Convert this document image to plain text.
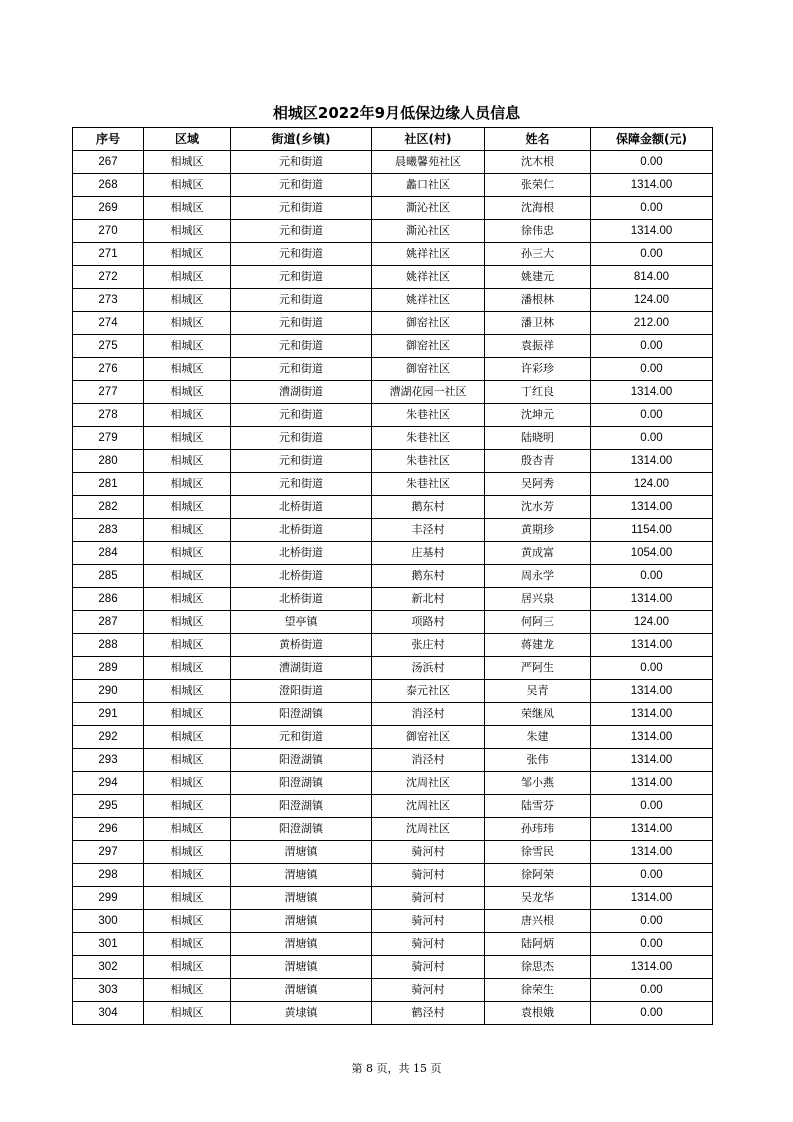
相城区2022年9月低保边缘人员信息
序号	区域	街道(乡镇)	社区(村)	姓名	保障金额(元)
267	相城区	元和街道	晨曦馨苑社区	沈木根	0.00
268	相城区	元和街道	蠡口社区	张荣仁	1314.00
269	相城区	元和街道	澌沁社区	沈海根	0.00
270	相城区	元和街道	澌沁社区	徐伟忠	1314.00
271	相城区	元和街道	姚祥社区	孙三大	0.00
272	相城区	元和街道	姚祥社区	姚建元	814.00
273	相城区	元和街道	姚祥社区	潘根林	124.00
274	相城区	元和街道	御窑社区	潘卫林	212.00
275	相城区	元和街道	御窑社区	袁振祥	0.00
276	相城区	元和街道	御窑社区	许彩珍	0.00
277	相城区	漕湖街道	漕湖花园一社区	丁红良	1314.00
278	相城区	元和街道	朱巷社区	沈坤元	0.00
279	相城区	元和街道	朱巷社区	陆晓明	0.00
280	相城区	元和街道	朱巷社区	殷杏青	1314.00
281	相城区	元和街道	朱巷社区	吴阿秀	124.00
282	相城区	北桥街道	鹅东村	沈水芳	1314.00
283	相城区	北桥街道	丰泾村	黄期珍	1154.00
284	相城区	北桥街道	庄基村	黄成富	1054.00
285	相城区	北桥街道	鹅东村	周永学	0.00
286	相城区	北桥街道	新北村	居兴泉	1314.00
287	相城区	望亭镇	项路村	何阿三	124.00
288	相城区	黄桥街道	张庄村	蒋建龙	1314.00
289	相城区	漕湖街道	汤浜村	严阿生	0.00
290	相城区	澄阳街道	泰元社区	吴青	1314.00
291	相城区	阳澄湖镇	消泾村	荣继凤	1314.00
292	相城区	元和街道	御窑社区	朱建	1314.00
293	相城区	阳澄湖镇	消泾村	张伟	1314.00
294	相城区	阳澄湖镇	沈周社区	邹小燕	1314.00
295	相城区	阳澄湖镇	沈周社区	陆雪芬	0.00
296	相城区	阳澄湖镇	沈周社区	孙玮玮	1314.00
297	相城区	渭塘镇	骑河村	徐雪民	1314.00
298	相城区	渭塘镇	骑河村	徐阿荣	0.00
299	相城区	渭塘镇	骑河村	吴龙华	1314.00
300	相城区	渭塘镇	骑河村	唐兴根	0.00
301	相城区	渭塘镇	骑河村	陆阿炳	0.00
302	相城区	渭塘镇	骑河村	徐思杰	1314.00
303	相城区	渭塘镇	骑河村	徐荣生	0.00
304	相城区	黄埭镇	鹤泾村	袁根娥	0.00
第 8 页，共 15 页
